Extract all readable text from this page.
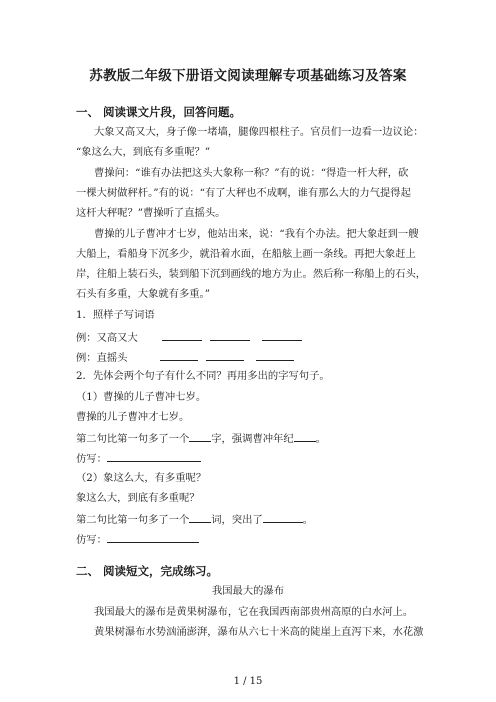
苏教版二年级下册语文阅读理解专项基础练习及答案
一、 阅读课文片段，回答问题。
大象又高又大，身子像一堵墙，腿像四根柱子。官员们一边看一边议论：
“象这么大，到底有多重呢？”
曹操问：“谁有办法把这头大象称一称？”有的说：“得造一杆大秤，砍
一棵大树做秤杆。”有的说：“有了大秤也不成啊，谁有那么大的力气提得起
这杆大秤呢？”曹操听了直摇头。
曹操的儿子曹冲才七岁，他站出来，说：“我有个办法。把大象赶到一艘
大船上，看船身下沉多少，就沿着水面，在船舷上画一条线。再把大象赶上
岸，往船上装石头，装到船下沉到画线的地方为止。然后称一称船上的石头，
石头有多重，大象就有多重。”
1．照样子写词语
例：又高又大
例：直摇头
2．先体会两个句子有什么不同？再用多出的字写句子。
（1）曹操的儿子曹冲七岁。
曹操的儿子曹冲才七岁。
第二句比第一句多了一个 字，强调曹冲年纪 。
仿写：
（2）象这么大，有多重呢？
象这么大，到底有多重呢？
第二句比第一句多了一个 词，突出了	。
仿写：
二、 阅读短文，完成练习。
我国最大的瀑布
我国最大的瀑布是黄果树瀑布，它在我国西南部贵州高原的白水河上。
黄果树瀑布水势汹涌澎湃，瀑布从六七十米高的陡崖上直泻下来，水花激
1 / 15
